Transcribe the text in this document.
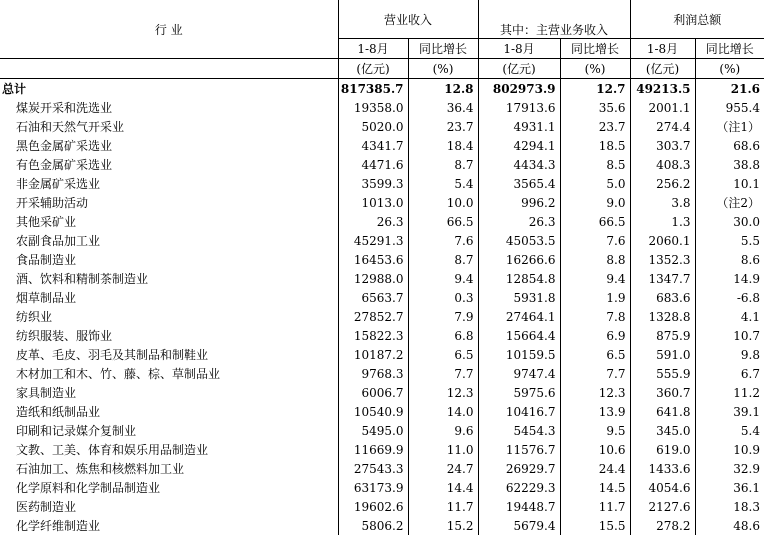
行 业	营业收入		其中：主营业务收入		利润总额	
	1-8月	同比增长	1-8月	同比增长	1-8月	同比增长
	(亿元)	(%)	(亿元)	(%)	(亿元)	(%)
总计	817385.7	12.8	802973.9	12.7	49213.5	21.6
煤炭开采和洗选业	19358.0	36.4	17913.6	35.6	2001.1	955.4
石油和天然气开采业	5020.0	23.7	4931.1	23.7	274.4	（注1）
黑色金属矿采选业	4341.7	18.4	4294.1	18.5	303.7	68.6
有色金属矿采选业	4471.6	8.7	4434.3	8.5	408.3	38.8
非金属矿采选业	3599.3	5.4	3565.4	5.0	256.2	10.1
开采辅助活动	1013.0	10.0	996.2	9.0	3.8	（注2）
其他采矿业	26.3	66.5	26.3	66.5	1.3	30.0
农副食品加工业	45291.3	7.6	45053.5	7.6	2060.1	5.5
食品制造业	16453.6	8.7	16266.6	8.8	1352.3	8.6
酒、饮料和精制茶制造业	12988.0	9.4	12854.8	9.4	1347.7	14.9
烟草制品业	6563.7	0.3	5931.8	1.9	683.6	-6.8
纺织业	27852.7	7.9	27464.1	7.8	1328.8	4.1
纺织服装、服饰业	15822.3	6.8	15664.4	6.9	875.9	10.7
皮革、毛皮、羽毛及其制品和制鞋业	10187.2	6.5	10159.5	6.5	591.0	9.8
木材加工和木、竹、藤、棕、草制品业	9768.3	7.7	9747.4	7.7	555.9	6.7
家具制造业	6006.7	12.3	5975.6	12.3	360.7	11.2
造纸和纸制品业	10540.9	14.0	10416.7	13.9	641.8	39.1
印刷和记录媒介复制业	5495.0	9.6	5454.3	9.5	345.0	5.4
文教、工美、体育和娱乐用品制造业	11669.9	11.0	11576.7	10.6	619.0	10.9
石油加工、炼焦和核燃料加工业	27543.3	24.7	26929.7	24.4	1433.6	32.9
化学原料和化学制品制造业	63173.9	14.4	62229.3	14.5	4054.6	36.1
医药制造业	19602.6	11.7	19448.7	11.7	2127.6	18.3
化学纤维制造业	5806.2	15.2	5679.4	15.5	278.2	48.6
